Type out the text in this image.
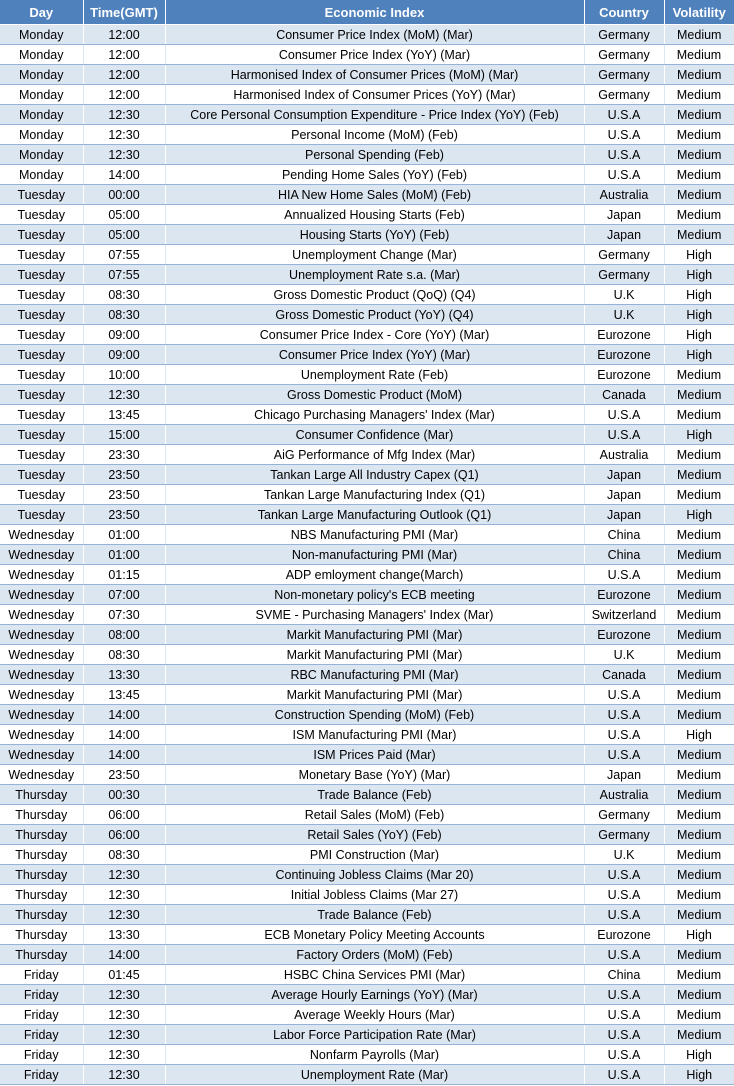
Day	Time(GMT)	Economic Index	Country	Volatility
Monday	12:00	Consumer Price Index (MoM) (Mar)	Germany	Medium
Monday	12:00	Consumer Price Index (YoY) (Mar)	Germany	Medium
Monday	12:00	Harmonised Index of Consumer Prices (MoM) (Mar)	Germany	Medium
Monday	12:00	Harmonised Index of Consumer Prices (YoY) (Mar)	Germany	Medium
Monday	12:30	Core Personal Consumption Expenditure - Price Index (YoY) (Feb)	U.S.A	Medium
Monday	12:30	Personal Income (MoM) (Feb)	U.S.A	Medium
Monday	12:30	Personal Spending (Feb)	U.S.A	Medium
Monday	14:00	Pending Home Sales (YoY) (Feb)	U.S.A	Medium
Tuesday	00:00	HIA New Home Sales (MoM) (Feb)	Australia	Medium
Tuesday	05:00	Annualized Housing Starts (Feb)	Japan	Medium
Tuesday	05:00	Housing Starts (YoY) (Feb)	Japan	Medium
Tuesday	07:55	Unemployment Change (Mar)	Germany	High
Tuesday	07:55	Unemployment Rate s.a. (Mar)	Germany	High
Tuesday	08:30	Gross Domestic Product (QoQ) (Q4)	U.K	High
Tuesday	08:30	Gross Domestic Product (YoY) (Q4)	U.K	High
Tuesday	09:00	Consumer Price Index - Core (YoY) (Mar)	Eurozone	High
Tuesday	09:00	Consumer Price Index (YoY) (Mar)	Eurozone	High
Tuesday	10:00	Unemployment Rate (Feb)	Eurozone	Medium
Tuesday	12:30	Gross Domestic Product (MoM)	Canada	Medium
Tuesday	13:45	Chicago Purchasing Managers' Index (Mar)	U.S.A	Medium
Tuesday	15:00	Consumer Confidence (Mar)	U.S.A	High
Tuesday	23:30	AiG Performance of Mfg Index (Mar)	Australia	Medium
Tuesday	23:50	Tankan Large All Industry Capex (Q1)	Japan	Medium
Tuesday	23:50	Tankan Large Manufacturing Index (Q1)	Japan	Medium
Tuesday	23:50	Tankan Large Manufacturing Outlook (Q1)	Japan	High
Wednesday	01:00	NBS Manufacturing PMI (Mar)	China	Medium
Wednesday	01:00	Non-manufacturing PMI (Mar)	China	Medium
Wednesday	01:15	ADP emloyment change(March)	U.S.A	Medium
Wednesday	07:00	Non-monetary policy's ECB meeting	Eurozone	Medium
Wednesday	07:30	SVME - Purchasing Managers' Index (Mar)	Switzerland	Medium
Wednesday	08:00	Markit Manufacturing PMI (Mar)	Eurozone	Medium
Wednesday	08:30	Markit Manufacturing PMI (Mar)	U.K	Medium
Wednesday	13:30	RBC Manufacturing PMI (Mar)	Canada	Medium
Wednesday	13:45	Markit Manufacturing PMI (Mar)	U.S.A	Medium
Wednesday	14:00	Construction Spending (MoM) (Feb)	U.S.A	Medium
Wednesday	14:00	ISM Manufacturing PMI (Mar)	U.S.A	High
Wednesday	14:00	ISM Prices Paid (Mar)	U.S.A	Medium
Wednesday	23:50	Monetary Base (YoY) (Mar)	Japan	Medium
Thursday	00:30	Trade Balance (Feb)	Australia	Medium
Thursday	06:00	Retail Sales (MoM) (Feb)	Germany	Medium
Thursday	06:00	Retail Sales (YoY) (Feb)	Germany	Medium
Thursday	08:30	PMI Construction (Mar)	U.K	Medium
Thursday	12:30	Continuing Jobless Claims (Mar 20)	U.S.A	Medium
Thursday	12:30	Initial Jobless Claims (Mar 27)	U.S.A	Medium
Thursday	12:30	Trade Balance (Feb)	U.S.A	Medium
Thursday	13:30	ECB Monetary Policy Meeting Accounts	Eurozone	High
Thursday	14:00	Factory Orders (MoM) (Feb)	U.S.A	Medium
Friday	01:45	HSBC China Services PMI (Mar)	China	Medium
Friday	12:30	Average Hourly Earnings (YoY) (Mar)	U.S.A	Medium
Friday	12:30	Average Weekly Hours (Mar)	U.S.A	Medium
Friday	12:30	Labor Force Participation Rate (Mar)	U.S.A	Medium
Friday	12:30	Nonfarm Payrolls (Mar)	U.S.A	High
Friday	12:30	Unemployment Rate (Mar)	U.S.A	High
